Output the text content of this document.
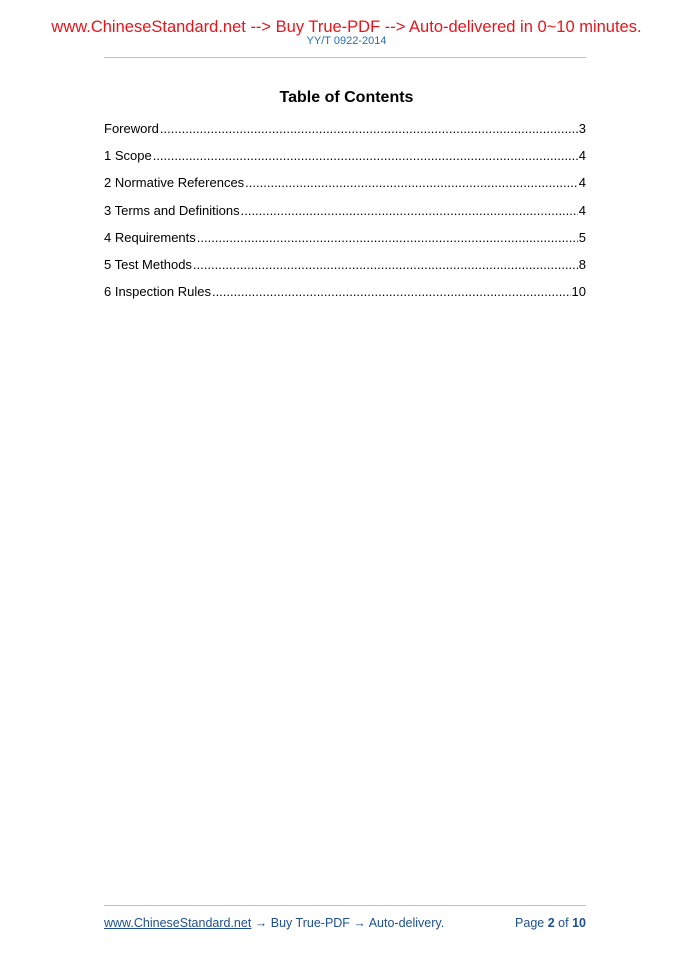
www.ChineseStandard.net --> Buy True-PDF --> Auto-delivered in 0~10 minutes.
YY/T 0922-2014
Table of Contents
Foreword .....	3
1 Scope .....	4
2 Normative References .....	4
3 Terms and Definitions .....	4
4 Requirements .....	5
5 Test Methods .....	8
6 Inspection Rules .....	10
www.ChineseStandard.net → Buy True-PDF → Auto-delivery.	Page 2 of 10
